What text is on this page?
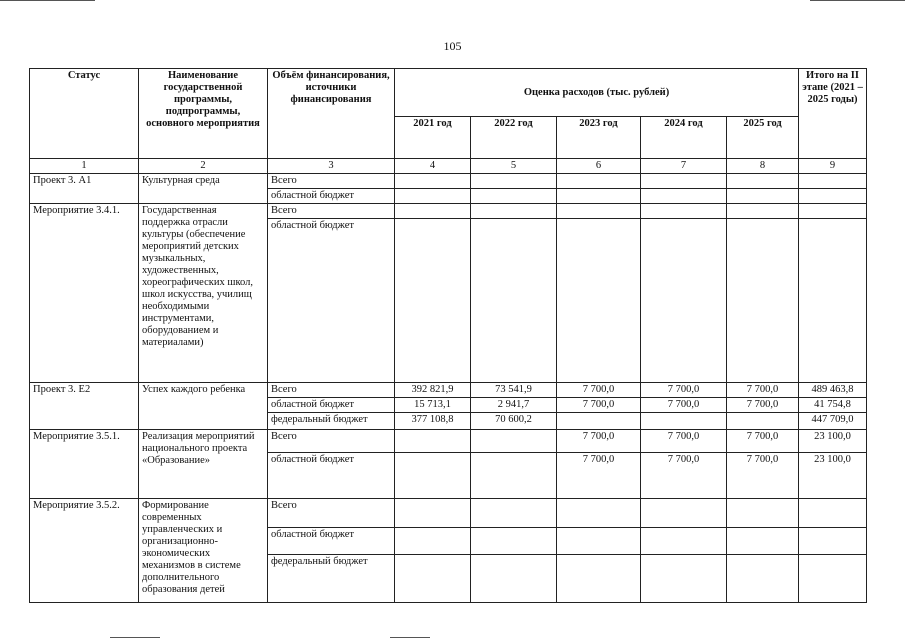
105
Статус	Наименование государственной программы, подпрограммы, основного мероприятия	Объём финансирования, источники финансирования	Оценка расходов (тыс. рублей)					Итого на II этапе (2021 – 2025 годы)
			2021 год	2022 год	2023 год	2024 год	2025 год	
1	2	3	4	5	6	7	8	9
Проект 3. А1	Культурная среда	Всего						
		областной бюджет						
Мероприятие 3.4.1.	Государственная поддержка отрасли культуры (обеспечение мероприятий детских музыкальных, художественных, хореографических школ, школ искусства, училищ необходимыми инструментами, оборудованием и материалами)	Всего						
		областной бюджет						
Проект 3. Е2	Успех каждого ребенка	Всего	392 821,9	73 541,9	7 700,0	7 700,0	7 700,0	489 463,8
		областной бюджет	15 713,1	2 941,7	7 700,0	7 700,0	7 700,0	41 754,8
		федеральный бюджет	377 108,8	70 600,2				447 709,0
Мероприятие 3.5.1.	Реализация мероприятий национального проекта «Образование»	Всего			7 700,0	7 700,0	7 700,0	23 100,0
		областной бюджет			7 700,0	7 700,0	7 700,0	23 100,0
Мероприятие 3.5.2.	Формирование современных управленческих и организационно-экономических механизмов в системе дополнительного образования детей	Всего						
		областной бюджет						
		федеральный бюджет						
